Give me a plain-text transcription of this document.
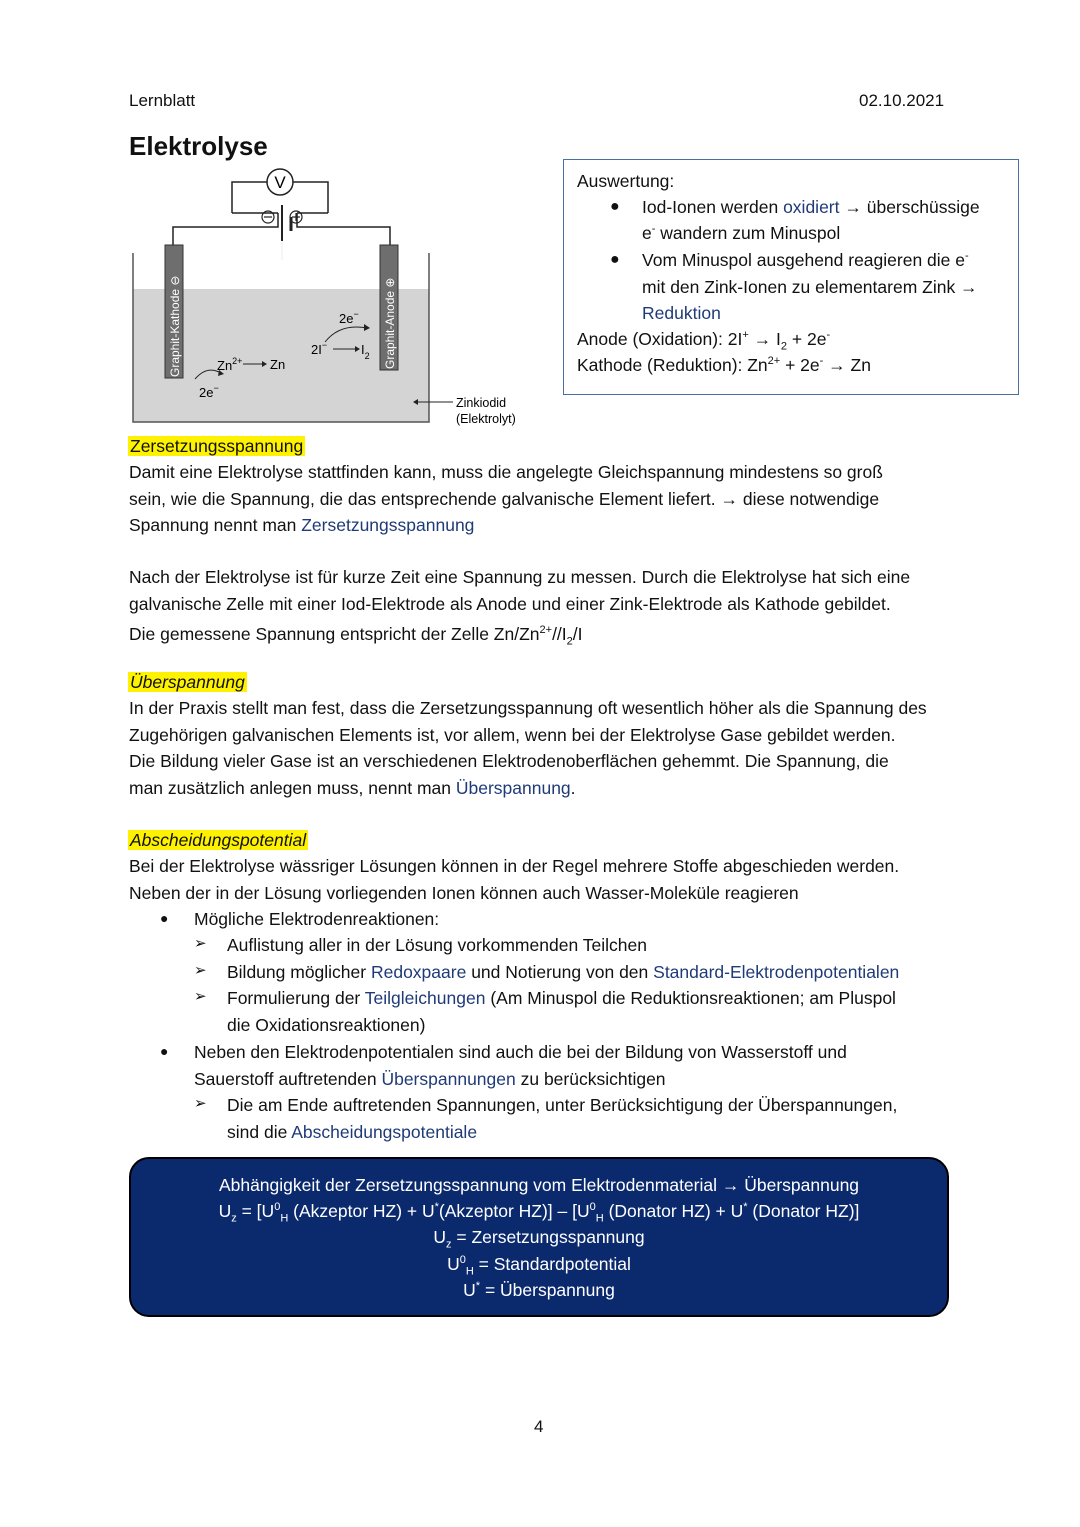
Lernblatt	02.10.2021
Elektrolyse
V
Graphit-Kathode ⊖	Graphit-Anode ⊕
$Zn^{2+}$ Zn
2e−
2I−	$I_2$
2e−
Zinkiodid
(Elektrolyt)
Auswertung:
● Iod-Ionen werden oxidiert → überschüssige
e- wandern zum Minuspol
● Vom Minuspol ausgehend reagieren die e-
mit den Zink-Ionen zu elementarem Zink →
Reduktion
Anode (Oxidation): $2I^+ \to I_2 + 2e^-$
Kathode (Reduktion): $Zn^{2+} + 2e^- \to Zn$
Zersetzungsspannung
Damit eine Elektrolyse stattfinden kann, muss die angelegte Gleichspannung mindestens so groß
sein, wie die Spannung, die das entsprechende galvanische Element liefert. → diese notwendige
Spannung nennt man Zersetzungsspannung
Nach der Elektrolyse ist für kurze Zeit eine Spannung zu messen. Durch die Elektrolyse hat sich eine
galvanische Zelle mit einer Iod-Elektrode als Anode und einer Zink-Elektrode als Kathode gebildet.
Die gemessene Spannung entspricht der Zelle $Zn/Zn^{2+}//I_2/I$
Überspannung
In der Praxis stellt man fest, dass die Zersetzungsspannung oft wesentlich höher als die Spannung des
Zugehörigen galvanischen Elements ist, vor allem, wenn bei der Elektrolyse Gase gebildet werden.
Die Bildung vieler Gase ist an verschiedenen Elektrodenoberflächen gehemmt. Die Spannung, die
man zusätzlich anlegen muss, nennt man Überspannung.
Abscheidungspotential
Bei der Elektrolyse wässriger Lösungen können in der Regel mehrere Stoffe abgeschieden werden.
Neben der in der Lösung vorliegenden Ionen können auch Wasser-Moleküle reagieren
● Mögliche Elektrodenreaktionen:
➢ Auflistung aller in der Lösung vorkommenden Teilchen
➢ Bildung möglicher Redoxpaare und Notierung von den Standard-Elektrodenpotentialen
➢ Formulierung der Teilgleichungen (Am Minuspol die Reduktionsreaktionen; am Pluspol
die Oxidationsreaktionen)
● Neben den Elektrodenpotentialen sind auch die bei der Bildung von Wasserstoff und
Sauerstoff auftretenden Überspannungen zu berücksichtigen
➢ Die am Ende auftretenden Spannungen, unter Berücksichtigung der Überspannungen,
sind die Abscheidungspotentiale
Abhängigkeit der Zersetzungsspannung vom Elektrodenmaterial → Überspannung
$U_z = [U^0_H$ (Akzeptor HZ) + U*(Akzeptor $HZ)] - [U^0_H$ (Donator HZ) + U* (Donator HZ)]
$U_z$ = Zersetzungsspannung
$U^0_H$ = Standardpotential
U* = Überspannung
4
